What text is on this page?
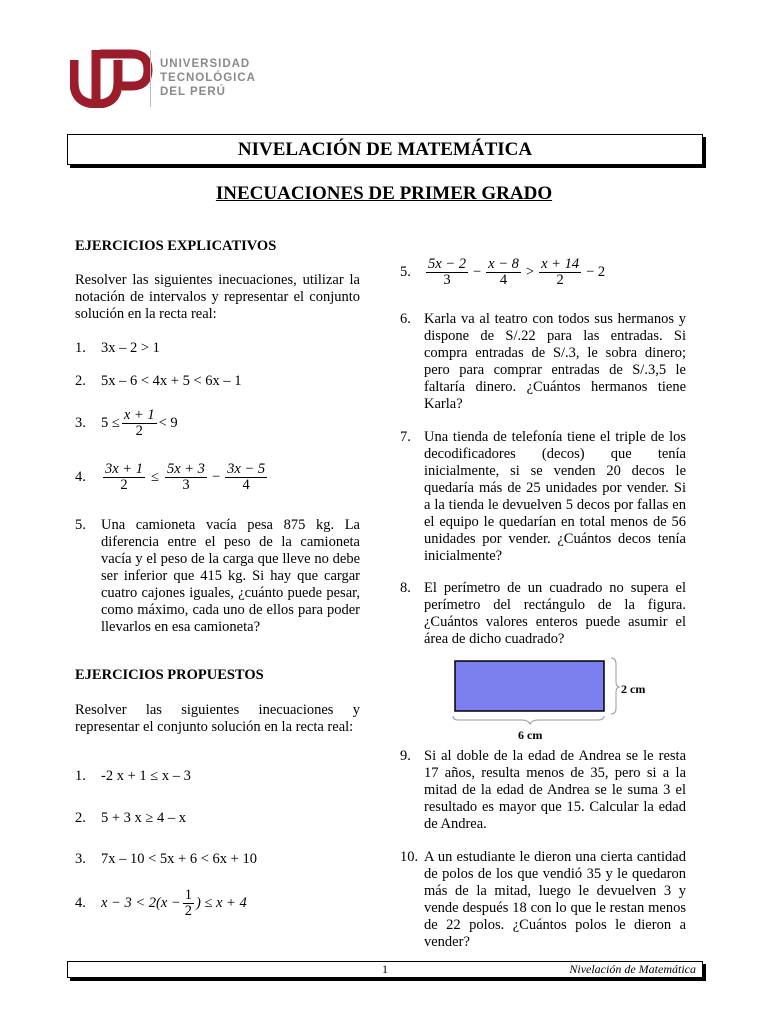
UNIVERSIDAD
TECNOLÓGICA
DEL PERÚ
NIVELACIÓN DE MATEMÁTICA
INECUACIONES DE PRIMER GRADO
EJERCICIOS EXPLICATIVOS
Resolver las siguientes inecuaciones, utilizar la notación de intervalos y representar el conjunto solución en la recta real:
1. 3x – 2 > 1
2. 5x – 6 < 4x + 5 < 6x – 1
3. $5 \le \frac{x + 1}{2} < 9$
4. $\frac{3x + 1}{2} \le \frac{5x + 3}{3} - \frac{3x - 5}{4}$
5. Una camioneta vacía pesa 875 kg. La diferencia entre el peso de la camioneta vacía y el peso de la carga que lleve no debe ser inferior que 415 kg. Si hay que cargar cuatro cajones iguales, ¿cuánto puede pesar, como máximo, cada uno de ellos para poder llevarlos en esa camioneta?
EJERCICIOS PROPUESTOS
Resolver las siguientes inecuaciones y representar el conjunto solución en la recta real:
1. -2 x + 1 ≤ x – 3
2. 5 + 3 x ≥ 4 – x
3. 7x – 10 < 5x + 6 < 6x + 10
4. $x - 3 < 2(x - \frac{1}{2}$ ) ≤ x + 4
5. $\frac{5x - 2}{3} - \frac{x - 8}{4} > \frac{x + 14}{2} - 2$
6. Karla va al teatro con todos sus hermanos y dispone de S/.22 para las entradas. Si compra entradas de S/.3, le sobra dinero; pero para comprar entradas de S/.3,5 le faltaría dinero. ¿Cuántos hermanos tiene Karla?
7. Una tienda de telefonía tiene el triple de los decodificadores (decos) que tenía inicialmente, si se venden 20 decos le quedaría más de 25 unidades por vender. Si a la tienda le devuelven 5 decos por fallas en el equipo le quedarían en total menos de 56 unidades por vender. ¿Cuántos decos tenía inicialmente?
8. El perímetro de un cuadrado no supera el perímetro del rectángulo de la figura. ¿Cuántos valores enteros puede asumir el área de dicho cuadrado?
2 cm
6 cm
9. Si al doble de la edad de Andrea se le resta 17 años, resulta menos de 35, pero si a la mitad de la edad de Andrea se le suma 3 el resultado es mayor que 15. Calcular la edad de Andrea.
10. A un estudiante le dieron una cierta cantidad de polos de los que vendió 35 y le quedaron más de la mitad, luego le devuelven 3 y vende después 18 con lo que le restan menos de 22 polos. ¿Cuántos polos le dieron a vender?
1	Nivelación de Matemática
